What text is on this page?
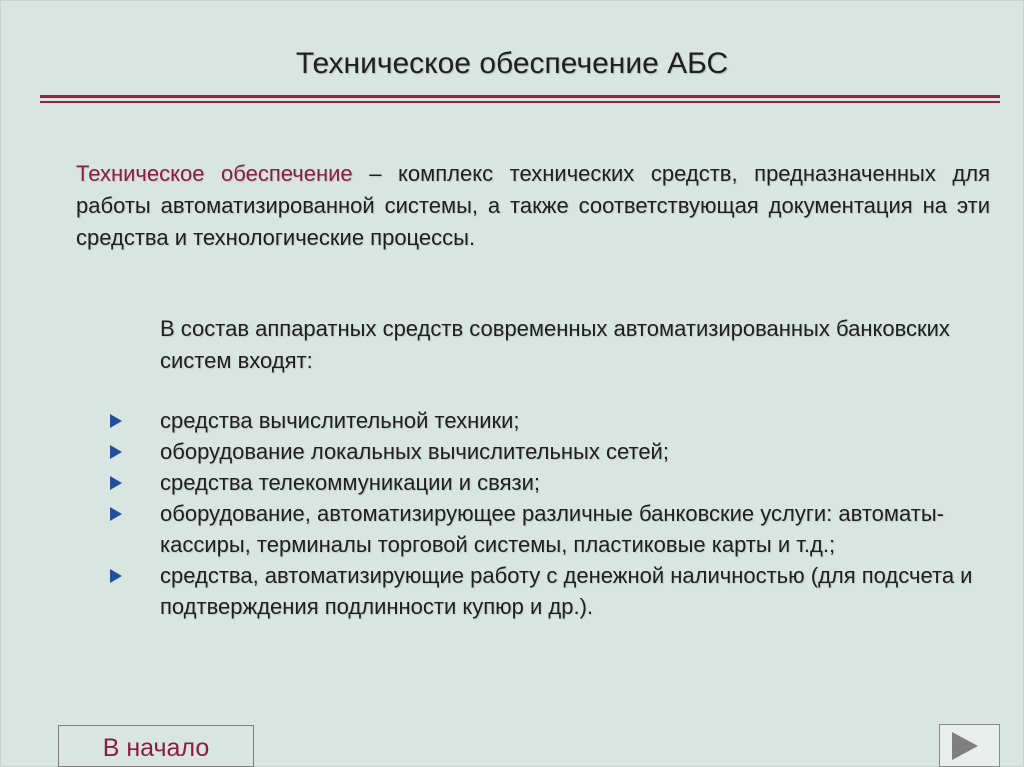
Техническое обеспечение АБС
Техническое обеспечение – комплекс технических средств, предназначенных для работы автоматизированной системы, а также соответствующая документация на эти средства и технологические процессы.
В состав аппаратных средств современных автоматизированных банковских систем входят:
средства вычислительной техники;
оборудование локальных вычислительных сетей;
средства телекоммуникации и связи;
оборудование, автоматизирующее различные банковские услуги: автоматы-кассиры, терминалы торговой системы, пластиковые карты и т.д.;
средства, автоматизирующие работу с денежной наличностью (для подсчета и подтверждения подлинности купюр и др.).
В начало
